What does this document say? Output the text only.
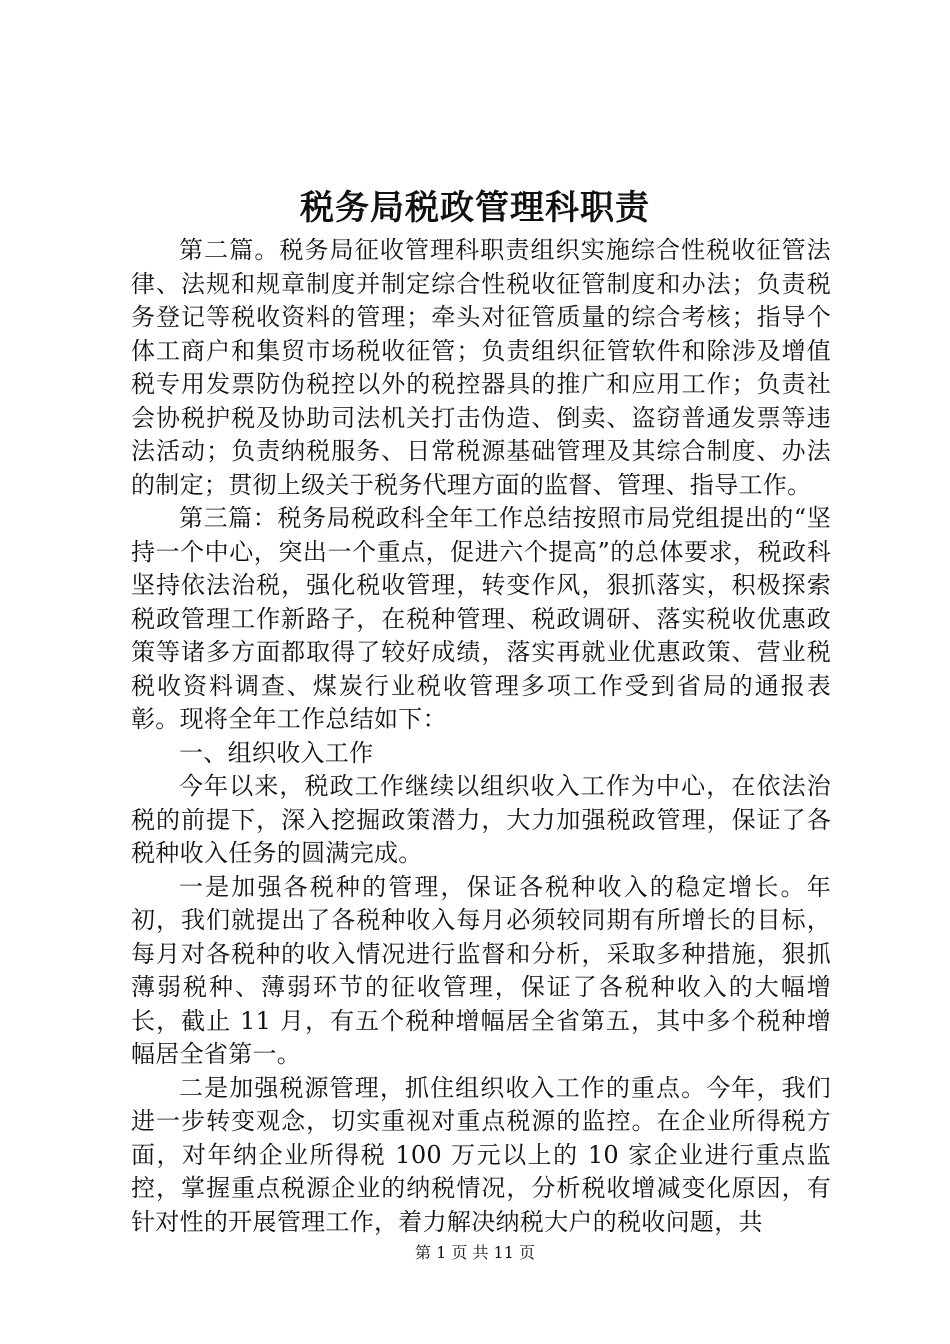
税务局税政管理科职责

第二篇。税务局征收管理科职责组织实施综合性税收征管法律、法规和规章制度并制定综合性税收征管制度和办法；负责税务登记等税收资料的管理；牵头对征管质量的综合考核；指导个体工商户和集贸市场税收征管；负责组织征管软件和除涉及增值税专用发票防伪税控以外的税控器具的推广和应用工作；负责社会协税护税及协助司法机关打击伪造、倒卖、盗窃普通发票等违法活动；负责纳税服务、日常税源基础管理及其综合制度、办法的制定；贯彻上级关于税务代理方面的监督、管理、指导工作。

第三篇：税务局税政科全年工作总结按照市局党组提出的“坚持一个中心，突出一个重点，促进六个提高”的总体要求，税政科坚持依法治税，强化税收管理，转变作风，狠抓落实，积极探索税政管理工作新路子，在税种管理、税政调研、落实税收优惠政策等诸多方面都取得了较好成绩，落实再就业优惠政策、营业税税收资料调查、煤炭行业税收管理多项工作受到省局的通报表彰。现将全年工作总结如下：

一、组织收入工作

今年以来，税政工作继续以组织收入工作为中心，在依法治税的前提下，深入挖掘政策潜力，大力加强税政管理，保证了各税种收入任务的圆满完成。

一是加强各税种的管理，保证各税种收入的稳定增长。年初，我们就提出了各税种收入每月必须较同期有所增长的目标，每月对各税种的收入情况进行监督和分析，采取多种措施，狠抓薄弱税种、薄弱环节的征收管理，保证了各税种收入的大幅增长，截止 11 月，有五个税种增幅居全省第五，其中多个税种增幅居全省第一。

二是加强税源管理，抓住组织收入工作的重点。今年，我们进一步转变观念，切实重视对重点税源的监控。在企业所得税方面，对年纳企业所得税 100 万元以上的 10 家企业进行重点监控，掌握重点税源企业的纳税情况，分析税收增减变化原因，有针对性的开展管理工作，着力解决纳税大户的税收问题，共

第 1 页 共 11 页
